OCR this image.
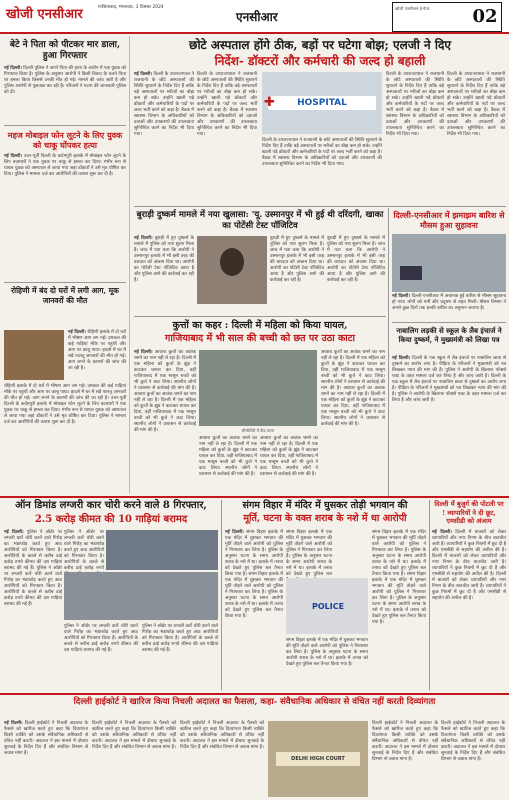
खोजी एनसीआर	गाज़ियाबाद, मंगलवार, 3 दिसंबर 2024
एनसीआर
खोजी एनसीआर ई-पेपर	02
बेटे ने पिता को पीटकर मार डाला, हुआ गिरफ्तार
नई दिल्ली। दिल्ली पुलिस ने अपने पिता की हत्या के आरोप में एक युवक को गिरफ्तार किया है। पुलिस के अनुसार आरोपी ने किसी विवाद के चलते पिता पर हमला किया जिससे उनकी मौत हो गई। मामले की जांच जारी है और पुलिस आरोपी से पूछताछ कर रही है। परिजनों ने घटना की जानकारी पुलिस को दी।
महज मोबाइल फोन लूटने के लिए युवक को चाकू घोंपकर हत्या
नई दिल्ली। उत्तर-पूर्वी दिल्ली के कर्दमपुरी इलाके में मोबाइल फोन लूटने के लिए बदमाशों ने एक युवक पर चाकू से हमला कर दिया। गंभीर रूप से घायल युवक को अस्पताल ले जाया गया जहां डॉक्टरों ने उसे मृत घोषित कर दिया। पुलिस ने मामला दर्ज कर आरोपियों की तलाश शुरू कर दी है।
रोहिणी में बंद दो घरों में लगी आग, मूक जानवरों की मौत
नई दिल्ली। रोहिणी इलाके में दो घरों में भीषण आग लग गई। दमकल की कई गाड़ियां मौके पर पहुंचीं और आग पर काबू पाया। हादसे में घर में रखे पालतू जानवरों की मौत हो गई। आग लगने के कारणों की जांच की जा रही है।
रोहिणी इलाके में दो घरों में भीषण आग लग गई। दमकल की कई गाड़ियां मौके पर पहुंचीं और आग पर काबू पाया। हादसे में घर में रखे पालतू जानवरों की मौत हो गई। आग लगने के कारणों की जांच की जा रही है। उत्तर-पूर्वी दिल्ली के कर्दमपुरी इलाके में मोबाइल फोन लूटने के लिए बदमाशों ने एक युवक पर चाकू से हमला कर दिया। गंभीर रूप से घायल युवक को अस्पताल ले जाया गया जहां डॉक्टरों ने उसे मृत घोषित कर दिया। पुलिस ने मामला दर्ज कर आरोपियों की तलाश शुरू कर दी है।
छोटे अस्पताल होंगे ठीक, बड़ों पर घटेगा बोझ; एलजी ने दिए
निर्देश- डॉक्टरों और कर्मचारी की जल्द हो बहाली
नई दिल्ली। दिल्ली के उपराज्यपाल ने राजधानी के छोटे अस्पतालों की स्थिति सुधारने के निर्देश दिए हैं ताकि बड़े अस्पतालों पर मरीजों का बोझ कम हो सके। उन्होंने खाली पड़े डॉक्टरों और कर्मचारियों के पदों पर जल्द भर्ती करने को कहा है। बैठक में स्वास्थ्य विभाग के अधिकारियों को दवाओं और उपकरणों की उपलब्धता सुनिश्चित करने का निर्देश भी दिया गया।
दिल्ली के उपराज्यपाल ने राजधानी के छोटे अस्पतालों की स्थिति सुधारने के निर्देश दिए हैं ताकि बड़े अस्पतालों पर मरीजों का बोझ कम हो सके। उन्होंने खाली पड़े डॉक्टरों और कर्मचारियों के पदों पर जल्द भर्ती करने को कहा है। बैठक में स्वास्थ्य विभाग के अधिकारियों को दवाओं और उपकरणों की उपलब्धता सुनिश्चित करने का निर्देश भी दिया गया।
HOSPITAL
✚
दिल्ली के उपराज्यपाल ने राजधानी के छोटे अस्पतालों की स्थिति सुधारने के निर्देश दिए हैं ताकि बड़े अस्पतालों पर मरीजों का बोझ कम हो सके। उन्होंने खाली पड़े डॉक्टरों और कर्मचारियों के पदों पर जल्द भर्ती करने को कहा है। बैठक में स्वास्थ्य विभाग के अधिकारियों को दवाओं और उपकरणों की उपलब्धता सुनिश्चित करने का निर्देश भी दिया गया।
दिल्ली के उपराज्यपाल ने राजधानी के छोटे अस्पतालों की स्थिति सुधारने के निर्देश दिए हैं ताकि बड़े अस्पतालों पर मरीजों का बोझ कम हो सके। उन्होंने खाली पड़े डॉक्टरों और कर्मचारियों के पदों पर जल्द भर्ती करने को कहा है। बैठक में स्वास्थ्य विभाग के अधिकारियों को दवाओं और उपकरणों की उपलब्धता सुनिश्चित करने का निर्देश भी दिया गया।
दिल्ली के उपराज्यपाल ने राजधानी के छोटे अस्पतालों की स्थिति सुधारने के निर्देश दिए हैं ताकि बड़े अस्पतालों पर मरीजों का बोझ कम हो सके। उन्होंने खाली पड़े डॉक्टरों और कर्मचारियों के पदों पर जल्द भर्ती करने को कहा है। बैठक में स्वास्थ्य विभाग के अधिकारियों को दवाओं और उपकरणों की उपलब्धता सुनिश्चित करने का निर्देश भी दिया गया।
बुराड़ी दुष्कर्म मामले में नया खुलासा: 'यू. उस्मानपुर में भी हुई थी दरिंदगी, खाका का पोटेंसी टेस्ट पॉजिटिव
नई दिल्ली। बुराड़ी में हुए दुष्कर्म के मामले में पुलिस को नया सुराग मिला है। जांच में पता चला कि आरोपी ने उस्मानपुर इलाके में भी इसी तरह की वारदात को अंजाम दिया था। आरोपी का पोटेंसी टेस्ट पॉजिटिव आया है और पुलिस आगे की कार्रवाई कर रही है।
बुराड़ी में हुए दुष्कर्म के मामले में पुलिस को नया सुराग मिला है। जांच में पता चला कि आरोपी ने उस्मानपुर इलाके में भी इसी तरह की वारदात को अंजाम दिया था। आरोपी का पोटेंसी टेस्ट पॉजिटिव आया है और पुलिस आगे की कार्रवाई कर रही है।
बुराड़ी में हुए दुष्कर्म के मामले में पुलिस को नया सुराग मिला है। जांच में पता चला कि आरोपी ने उस्मानपुर इलाके में भी इसी तरह की वारदात को अंजाम दिया था। आरोपी का पोटेंसी टेस्ट पॉजिटिव आया है और पुलिस आगे की कार्रवाई कर रही है।
दिल्ली-एनसीआर में झमाझम बारिश से मौसम हुआ सुहावना
नई दिल्ली। दिल्ली-एनसीआर में अचानक हुई बारिश से मौसम सुहावना हो गया। लोगों को गर्मी और प्रदूषण से राहत मिली। मौसम विभाग ने अगले कुछ दिनों तक हल्की बारिश का अनुमान जताया है।
नाबालिग लड़की से स्कूल के लैब इंचार्ज ने किया दुष्कर्म, ने मुख्यमंत्री को लिखा पत्र
नई दिल्ली। दिल्ली के एक स्कूल में लैब इंचार्ज पर नाबालिग छात्रा से दुष्कर्म का आरोप लगा है। पीड़िता के परिजनों ने मुख्यमंत्री को पत्र लिखकर न्याय की मांग की है। पुलिस ने आरोपी के खिलाफ पॉक्सो एक्ट के तहत मामला दर्ज कर लिया है और जांच जारी है। दिल्ली के एक स्कूल में लैब इंचार्ज पर नाबालिग छात्रा से दुष्कर्म का आरोप लगा है। पीड़िता के परिजनों ने मुख्यमंत्री को पत्र लिखकर न्याय की मांग की है। पुलिस ने आरोपी के खिलाफ पॉक्सो एक्ट के तहत मामला दर्ज कर लिया है और जांच जारी है।
कुत्तों का कहर : दिल्ली में महिला को किया घायल,
गाजियाबाद में भी साल की बच्ची को छत पर उठा काटा
नई दिल्ली। आवारा कुत्तों का आतंक थमने का नाम नहीं ले रहा है। दिल्ली में एक महिला को कुत्तों के झुंड ने काटकर घायल कर दिया, वहीं गाजियाबाद में एक मासूम बच्ची को भी कुत्ते ने काट लिया। स्थानीय लोगों ने प्रशासन से कार्रवाई की मांग की है। आवारा कुत्तों का आतंक थमने का नाम नहीं ले रहा है। दिल्ली में एक महिला को कुत्तों के झुंड ने काटकर घायल कर दिया, वहीं गाजियाबाद में एक मासूम बच्ची को भी कुत्ते ने काट लिया। स्थानीय लोगों ने प्रशासन से कार्रवाई की मांग की है।	सीसीटीवी में कैद घटना
आवारा कुत्तों का आतंक थमने का नाम नहीं ले रहा है। दिल्ली में एक महिला को कुत्तों के झुंड ने काटकर घायल कर दिया, वहीं गाजियाबाद में एक मासूम बच्ची को भी कुत्ते ने काट लिया। स्थानीय लोगों ने प्रशासन से कार्रवाई की मांग की है।
आवारा कुत्तों का आतंक थमने का नाम नहीं ले रहा है। दिल्ली में एक महिला को कुत्तों के झुंड ने काटकर घायल कर दिया, वहीं गाजियाबाद में एक मासूम बच्ची को भी कुत्ते ने काट लिया। स्थानीय लोगों ने प्रशासन से कार्रवाई की मांग की है।
आवारा कुत्तों का आतंक थमने का नाम नहीं ले रहा है। दिल्ली में एक महिला को कुत्तों के झुंड ने काटकर घायल कर दिया, वहीं गाजियाबाद में एक मासूम बच्ची को भी कुत्ते ने काट लिया। स्थानीय लोगों ने प्रशासन से कार्रवाई की मांग की है। आवारा कुत्तों का आतंक थमने का नाम नहीं ले रहा है। दिल्ली में एक महिला को कुत्तों के झुंड ने काटकर घायल कर दिया, वहीं गाजियाबाद में एक मासूम बच्ची को भी कुत्ते ने काट लिया। स्थानीय लोगों ने प्रशासन से कार्रवाई की मांग की है।
ऑन डिमांड लग्जरी कार चोरी करने वाले 8 गिरफ्तार,
2.5 करोड़ कीमत की 10 गाड़ियां बरामद
नई दिल्ली। पुलिस ने ऑर्डर पर लग्जरी कारें चोरी करने वाले गिरोह का भंडाफोड़ करते हुए आठ आरोपियों को गिरफ्तार किया है। आरोपियों के कब्जे से करीब ढाई करोड़ रुपये कीमत की दस गाड़ियां बरामद की गई हैं। पुलिस ने ऑर्डर पर लग्जरी कारें चोरी करने वाले गिरोह का भंडाफोड़ करते हुए आठ आरोपियों को गिरफ्तार किया है। आरोपियों के कब्जे से करीब ढाई करोड़ रुपये कीमत की दस गाड़ियां बरामद की गई हैं।
पुलिस ने ऑर्डर पर लग्जरी कारें चोरी करने वाले गिरोह का भंडाफोड़ करते हुए आठ आरोपियों को गिरफ्तार किया है। आरोपियों के कब्जे से करीब ढाई करोड़ रुपये
पुलिस ने ऑर्डर पर लग्जरी कारें चोरी करने वाले गिरोह का भंडाफोड़ करते हुए आठ आरोपियों को गिरफ्तार किया है। आरोपियों के कब्जे से करीब ढाई करोड़ रुपये कीमत की दस गाड़ियां बरामद की गई हैं।
पुलिस ने ऑर्डर पर लग्जरी कारें चोरी करने वाले गिरोह का भंडाफोड़ करते हुए आठ आरोपियों को गिरफ्तार किया है। आरोपियों के कब्जे से करीब ढाई करोड़ रुपये कीमत की दस गाड़ियां बरामद की गई हैं।
संगम विहार में मंदिर में घुसकर तोड़ी भगवान की
मूर्ति, घटना के वक्त शराब के नशे में था आरोपी
नई दिल्ली। संगम विहार इलाके में एक मंदिर में घुसकर भगवान की मूर्ति तोड़ने वाले आरोपी को पुलिस ने गिरफ्तार कर लिया है। पुलिस के अनुसार घटना के समय आरोपी शराब के नशे में था। इलाके में तनाव को देखते हुए पुलिस बल तैनात किया गया है। संगम विहार इलाके में एक मंदिर में घुसकर भगवान की मूर्ति तोड़ने वाले आरोपी को पुलिस ने गिरफ्तार कर लिया है। पुलिस के अनुसार घटना के समय आरोपी शराब के नशे में था। इलाके में तनाव को देखते हुए पुलिस बल तैनात किया गया है।
संगम विहार इलाके में एक मंदिर में घुसकर भगवान की मूर्ति तोड़ने वाले आरोपी को पुलिस ने गिरफ्तार कर लिया है। पुलिस के अनुसार घटना के समय आरोपी शराब के नशे में था। इलाके में तनाव को देखते हुए पुलिस बल
POLICE
संगम विहार इलाके में एक मंदिर में घुसकर भगवान की मूर्ति तोड़ने वाले आरोपी को पुलिस ने गिरफ्तार कर लिया है। पुलिस के अनुसार घटना के समय आरोपी शराब के नशे में था। इलाके में तनाव को देखते हुए पुलिस बल तैनात किया गया है।
संगम विहार इलाके में एक मंदिर में घुसकर भगवान की मूर्ति तोड़ने वाले आरोपी को पुलिस ने गिरफ्तार कर लिया है। पुलिस के अनुसार घटना के समय आरोपी शराब के नशे में था। इलाके में तनाव को देखते हुए पुलिस बल तैनात किया गया है। संगम विहार इलाके में एक मंदिर में घुसकर भगवान की मूर्ति तोड़ने वाले आरोपी को पुलिस ने गिरफ्तार कर लिया है। पुलिस के अनुसार घटना के समय आरोपी शराब के नशे में था। इलाके में तनाव को देखते हुए पुलिस बल तैनात किया गया है।
दिल्ली में बुज़ुर्ग की पोटली पर ! व्यापारियों ने दी छूट, एमसीडी को अंजाम
नई दिल्ली। दिल्ली में बाजारों को लेकर व्यापारियों और नगर निगम के बीच बातचीत जारी है। व्यापारियों ने कुछ नियमों में छूट दी है और एमसीडी से सहयोग की अपील की है। दिल्ली में बाजारों को लेकर व्यापारियों और नगर निगम के बीच बातचीत जारी है। व्यापारियों ने कुछ नियमों में छूट दी है और एमसीडी से सहयोग की अपील की है। दिल्ली में बाजारों को लेकर व्यापारियों और नगर निगम के बीच बातचीत जारी है। व्यापारियों ने कुछ नियमों में छूट दी है और एमसीडी से सहयोग की अपील की है।
दिल्ली हाईकोर्ट ने खारिज किया निचली अदालत का फैसला, कहा- संवैधानिक अधिकार से वंचित नहीं करती दिव्यांगता
नई दिल्ली। दिल्ली हाईकोर्ट ने निचली अदालत के फैसले को खारिज करते हुए कहा कि दिव्यांगता किसी व्यक्ति को उसके संवैधानिक अधिकारों से वंचित नहीं करती। अदालत ने इस मामले में दोबारा सुनवाई के निर्देश दिए हैं और संबंधित विभाग से जवाब मांगा है।
दिल्ली हाईकोर्ट ने निचली अदालत के फैसले को खारिज करते हुए कहा कि दिव्यांगता किसी व्यक्ति को उसके संवैधानिक अधिकारों से वंचित नहीं करती। अदालत ने इस मामले में दोबारा सुनवाई के निर्देश दिए हैं और संबंधित विभाग से जवाब मांगा है।
दिल्ली हाईकोर्ट ने निचली अदालत के फैसले को खारिज करते हुए कहा कि दिव्यांगता किसी व्यक्ति को उसके संवैधानिक अधिकारों से वंचित नहीं करती। अदालत ने इस मामले में दोबारा सुनवाई के निर्देश दिए हैं और संबंधित विभाग से जवाब मांगा है।
DELHI HIGH COURT
दिल्ली हाईकोर्ट ने निचली अदालत के फैसले को खारिज करते हुए कहा कि दिव्यांगता किसी व्यक्ति को उसके संवैधानिक अधिकारों से वंचित नहीं करती। अदालत ने इस मामले में दोबारा सुनवाई के निर्देश दिए हैं और संबंधित विभाग से जवाब मांगा है।
दिल्ली हाईकोर्ट ने निचली अदालत के फैसले को खारिज करते हुए कहा कि दिव्यांगता किसी व्यक्ति को उसके संवैधानिक अधिकारों से वंचित नहीं करती। अदालत ने इस मामले में दोबारा सुनवाई के निर्देश दिए हैं और संबंधित विभाग से जवाब मांगा है।
